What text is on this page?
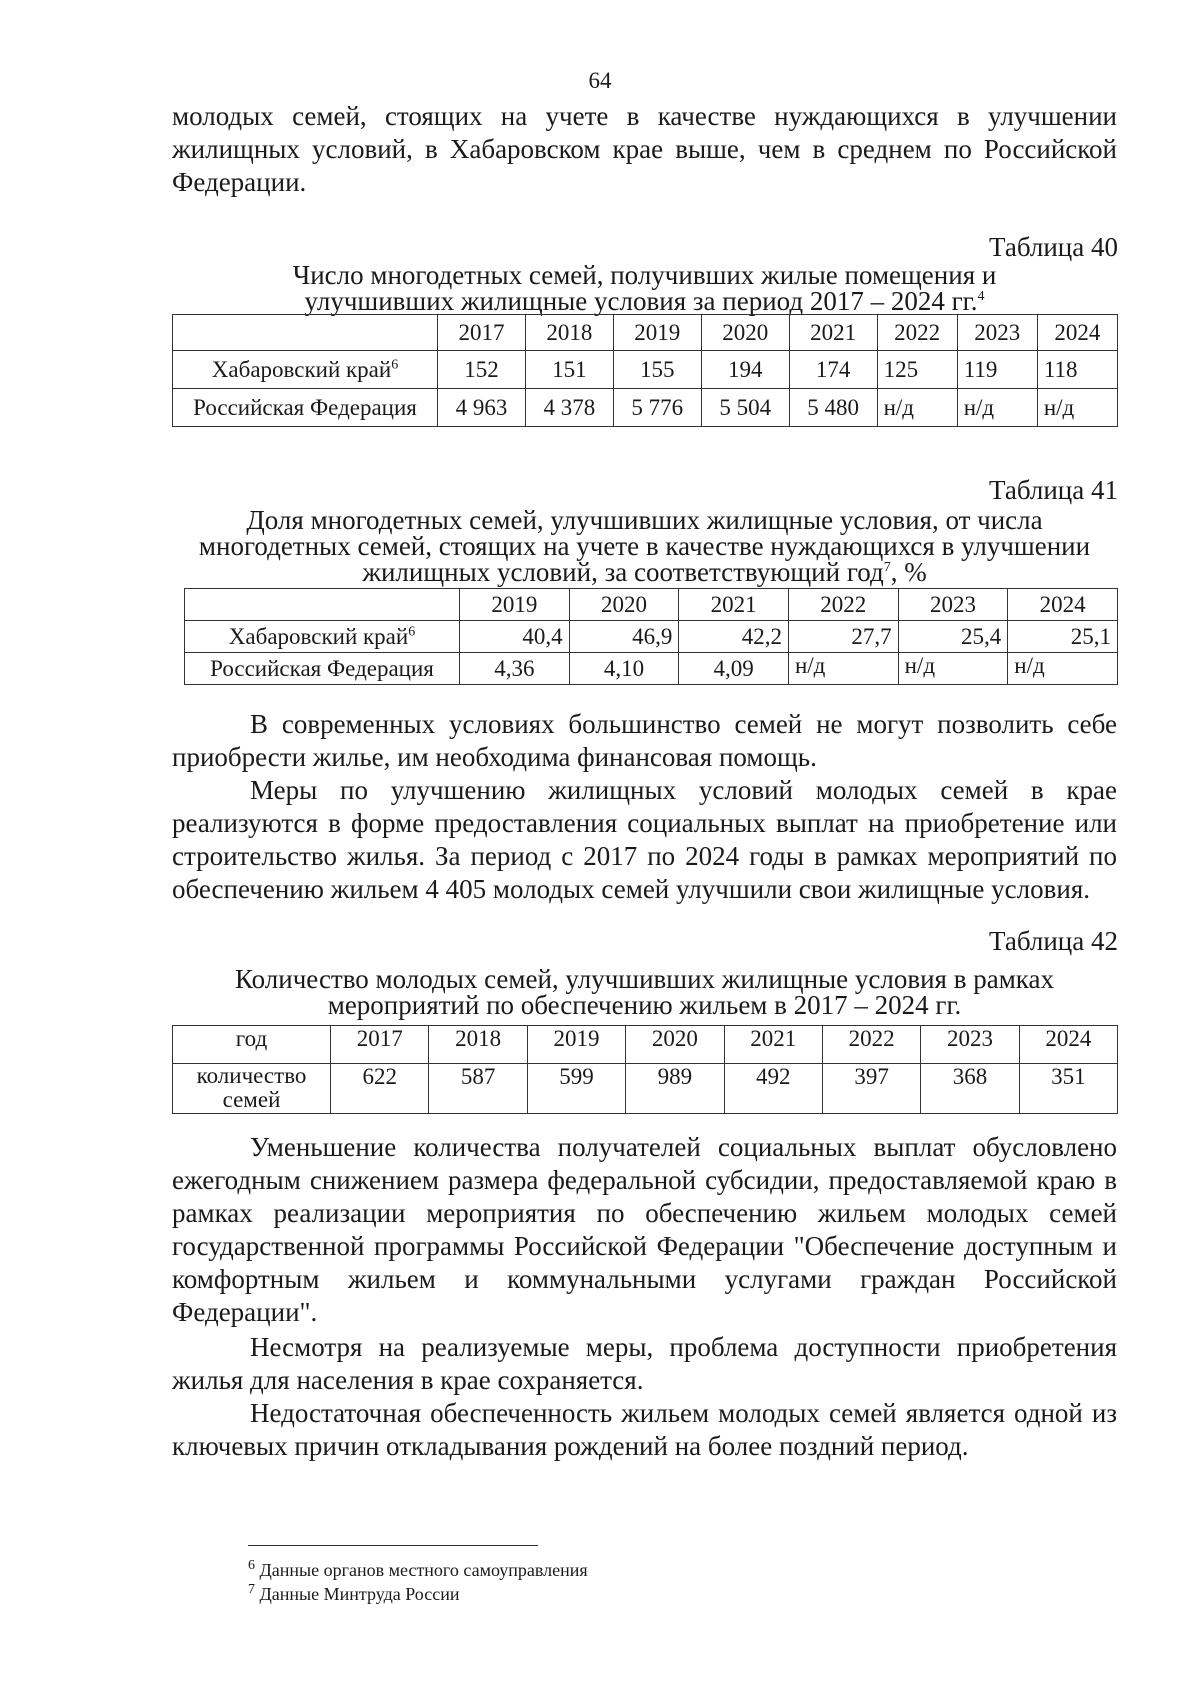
64

молодых семей, стоящих на учете в качестве нуждающихся в улучшении жилищных условий, в Хабаровском крае выше, чем в среднем по Российской Федерации.

Таблица 40
Число многодетных семей, получивших жилые помещения и
улучшивших жилищные условия за период 2017 – 2024 гг.$^4$
	2017	2018	2019	2020	2021	2022	2023	2024
Хабаровский край$^6$	152	151	155	194	174	125	119	118
Российская Федерация	4 963	4 378	5 776	5 504	5 480	н/д	н/д	н/д
Таблица 41
Доля многодетных семей, улучшивших жилищные условия, от числа
многодетных семей, стоящих на учете в качестве нуждающихся в улучшении
жилищных условий, за соответствующий год$^7$, %
	2019	2020	2021	2022	2023	2024
Хабаровский край$^6$	40,4	46,9	42,2	27,7	25,4	25,1
Российская Федерация	4,36	4,10	4,09	н/д	н/д	н/д

В современных условиях большинство семей не могут позволить себе приобрести жилье, им необходима финансовая помощь.

Меры по улучшению жилищных условий молодых семей в крае реализуются в форме предоставления социальных выплат на приобретение или строительство жилья. За период с 2017 по 2024 годы в рамках мероприятий по обеспечению жильем 4 405 молодых семей улучшили свои жилищные условия.

Таблица 42
Количество молодых семей, улучшивших жилищные условия в рамках
мероприятий по обеспечению жильем в 2017 – 2024 гг.
год	2017	2018	2019	2020	2021	2022	2023	2024

количество
семей	622	587	599	989	492	397	368	351

Уменьшение количества получателей социальных выплат обусловлено ежегодным снижением размера федеральной субсидии, предоставляемой краю в рамках реализации мероприятия по обеспечению жильем молодых семей государственной программы Российской Федерации "Обеспечение доступным и комфортным жильем и коммунальными услугами граждан Российской Федерации".

Несмотря на реализуемые меры, проблема доступности приобретения жилья для населения в крае сохраняется.

Недостаточная обеспеченность жильем молодых семей является одной из ключевых причин откладывания рождений на более поздний период.

$^6$ Данные органов местного самоуправления
$^7$ Данные Минтруда России
